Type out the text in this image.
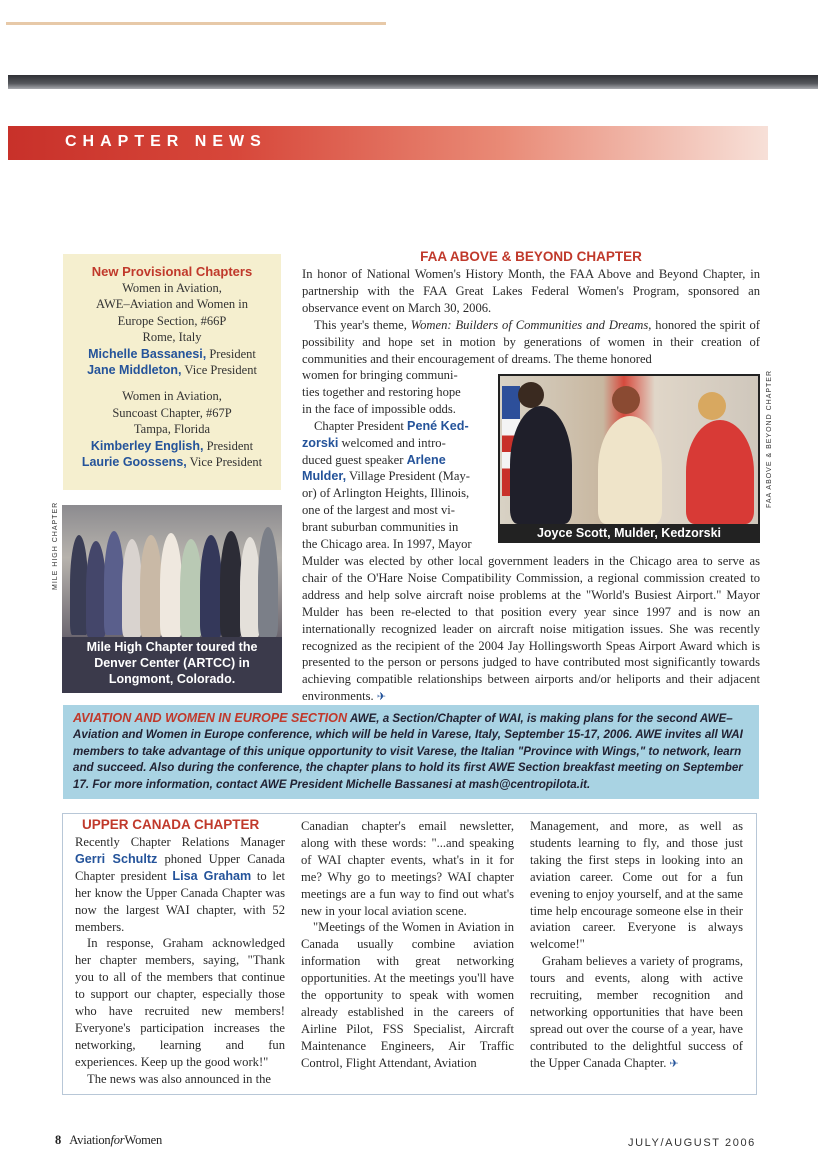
CHAPTER NEWS
New Provisional Chapters
Women in Aviation,
AWE–Aviation and Women in
Europe Section, #66P
Rome, Italy
Michelle Bassanesi, President
Jane Middleton, Vice President
Women in Aviation,
Suncoast Chapter, #67P
Tampa, Florida
Kimberley English, President
Laurie Goossens, Vice President
MILE HIGH CHAPTER
Mile High Chapter toured the
Denver Center (ARTCC) in
Longmont, Colorado.
FAA ABOVE & BEYOND CHAPTER

In honor of National Women's History Month, the FAA Above and Beyond Chapter, in partnership with the FAA Great Lakes Federal Women's Program, sponsored an observance event on March 30, 2006.

This year's theme, Women: Builders of Communities and Dreams, honored the spirit of possibility and hope set in motion by generations of women in their creation of communities and their encouragement of dreams. The theme honored

women for bringing communi-
ties together and restoring hope
in the face of impossible odds.
Chapter President Pené Ked-
zorski welcomed and intro-
duced guest speaker Arlene
Mulder, Village President (May-
or) of Arlington Heights, Illinois,
one of the largest and most vi-
brant suburban communities in
the Chicago area. In 1997, Mayor

Mulder was elected by other local government leaders in the Chicago area to serve as chair of the O'Hare Noise Compatibility Commission, a regional commission created to address and help solve aircraft noise problems at the "World's Busiest Airport." Mayor Mulder has been re-elected to that position every year since 1997 and is now an internationally recognized leader on aircraft noise mitigation issues. She was recently recognized as the recipient of the 2004 Jay Hollingsworth Speas Airport Award which is presented to the person or persons judged to have contributed most significantly towards achieving compatible relationships between airports and/or heliports and their adjacent environments. ✈

Joyce Scott, Mulder, Kedzorski
FAA ABOVE & BEYOND CHAPTER
AVIATION AND WOMEN IN EUROPE SECTION AWE, a Section/Chapter of WAI, is making plans for the second AWE–Aviation and Women in Europe conference, which will be held in Varese, Italy, September 15-17, 2006. AWE invites all WAI members to take advantage of this unique opportunity to visit Varese, the Italian "Province with Wings," to network, learn and succeed. Also during the conference, the chapter plans to hold its first AWE Section breakfast meeting on September 17. For more information, contact AWE President Michelle Bassanesi at mash@centropilota.it.
UPPER CANADA CHAPTER

Recently Chapter Relations Manager Gerri Schultz phoned Upper Canada Chapter president Lisa Graham to let her know the Upper Canada Chapter was now the largest WAI chapter, with 52 members.

In response, Graham acknowledged her chapter members, saying, "Thank you to all of the members that continue to support our chapter, especially those who have recruited new members! Everyone's participation increases the networking, learning and fun experiences. Keep up the good work!"

The news was also announced in the

Canadian chapter's email newsletter, along with these words: "...and speaking of WAI chapter events, what's in it for me? Why go to meetings? WAI chapter meetings are a fun way to find out what's new in your local aviation scene.

"Meetings of the Women in Aviation in Canada usually combine aviation information with great networking opportunities. At the meetings you'll have the opportunity to speak with women already established in the careers of Airline Pilot, FSS Specialist, Aircraft Maintenance Engineers, Air Traffic Control, Flight Attendant, Aviation

Management, and more, as well as students learning to fly, and those just taking the first steps in looking into an aviation career. Come out for a fun evening to enjoy yourself, and at the same time help encourage someone else in their aviation career. Everyone is always welcome!"

Graham believes a variety of programs, tours and events, along with active recruiting, member recognition and networking opportunities that have been spread out over the course of a year, have contributed to the delightful success of the Upper Canada Chapter. ✈

8 AviationforWomen	JULY/AUGUST 2006
